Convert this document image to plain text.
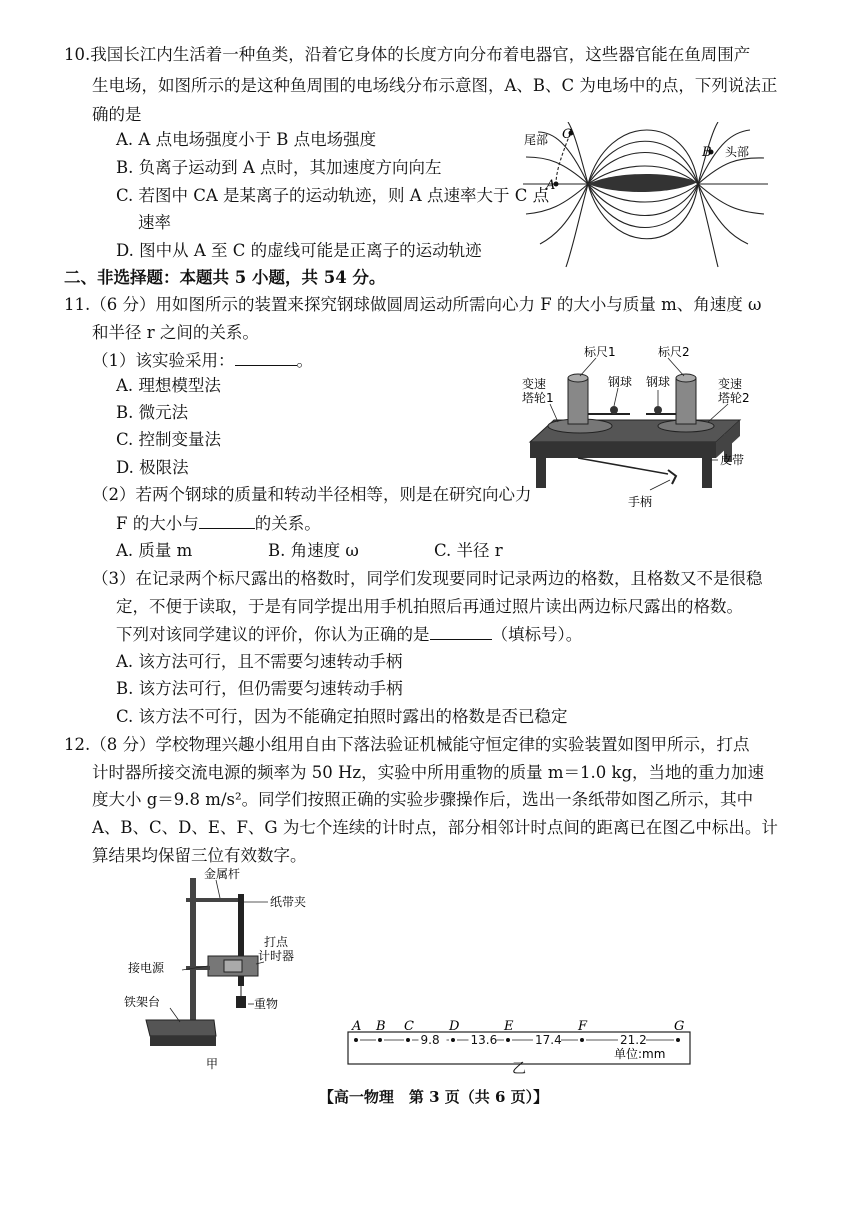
10.我国长江内生活着一种鱼类，沿着它身体的长度方向分布着电器官，这些器官能在鱼周围产
生电场，如图所示的是这种鱼周围的电场线分布示意图，A、B、C 为电场中的点，下列说法正
确的是
A. A 点电场强度小于 B 点电场强度
B. 负离子运动到 A 点时，其加速度方向向左
C. 若图中 CA 是某离子的运动轨迹，则 A 点速率大于 C 点
速率
D. 图中从 A 至 C 的虚线可能是正离子的运动轨迹
尾部
头部
A
C
B
二、非选择题：本题共 5 小题，共 54 分。
11.（6 分）用如图所示的装置来探究钢球做圆周运动所需向心力 F 的大小与质量 m、角速度 ω
和半径 r 之间的关系。
（1）该实验采用：	。
A. 理想模型法
B. 微元法
C. 控制变量法
D. 极限法
（2）若两个钢球的质量和转动半径相等，则是在研究向心力
F 的大小与	的关系。
A. 质量 m	B. 角速度 ω	C. 半径 r
（3）在记录两个标尺露出的格数时，同学们发现要同时记录两边的格数，且格数又不是很稳
定，不便于读取，于是有同学提出用手机拍照后再通过照片读出两边标尺露出的格数。
下列对该同学建议的评价，你认为正确的是	（填标号）。
A. 该方法可行，且不需要匀速转动手柄
B. 该方法可行，但仍需要匀速转动手柄
C. 该方法不可行，因为不能确定拍照时露出的格数是否已稳定
标尺1	标尺2
钢球 钢球
变速
塔轮1
变速
塔轮2
皮带
手柄
12.（8 分）学校物理兴趣小组用自由下落法验证机械能守恒定律的实验装置如图甲所示，打点
计时器所接交流电源的频率为 50 Hz，实验中所用重物的质量 m＝1.0 kg，当地的重力加速
度大小 g＝9.8 m/s²。同学们按照正确的实验步骤操作后，选出一条纸带如图乙所示，其中
A、B、C、D、E、F、G 为七个连续的计时点，部分相邻计时点间的距离已在图乙中标出。计
算结果均保留三位有效数字。
金属杆
纸带夹
打点
计时器
接电源
重物
铁架台
甲
A B C	D	E	F	G
9.8	13.6	17.4	21.2
单位:mm
乙
【高一物理　第 3 页（共 6 页）】
